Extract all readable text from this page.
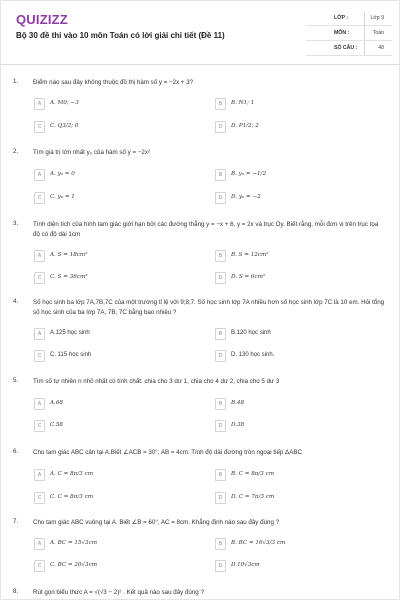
QUIZIZZ
Bộ 30 đề thi vào 10 môn Toán có lời giải chi tiết (Đề 11)
LỚP :	Lớp 9
MÔN :	Toán
SỐ CÂU :	48
1. Điểm nào sau đây không thuộc đồ thị hàm số y = −2x + 3?
A	A. M0; −3	B	B. N1; 1
C	C. Q3/2; 0	D	D. P1/2; 2
2. Tìm giá trị lớn nhất y₀ của hàm số y = −2x²
A	A. y₀ = 0	B	B. y₀ = −1/2
C	C. y₀ = 1	D	D. y₀ = −2
3. Tính diện tích của hình tam giác giới hạn bởi các đường thẳng y = −x + 6, y = 2x và trục Oy. Biết rằng, mỗi đơn vị trên trục tọa độ có độ dài 1cm
A	A. S = 18cm²	B	B. S = 12cm²
C	C. S = 36cm²	D	D. S = 6cm²
4. Số học sinh ba lớp 7A,7B,7C của một trường tỉ lệ với 9;8;7. Số học sinh lớp 7A nhiều hơn số học sinh lớp 7C là 10 em. Hỏi tổng số học sinh của ba lớp 7A, 7B, 7C bằng bao nhiêu ?
A	A.125 học sinh	B	B.120 học sinh
C	C. 115 học sinh	D	D. 130 học sinh.
5. Tìm số tự nhiên n nhỏ nhất có tính chất: chia cho 3 dư 1, chia cho 4 dư 2, chia cho 5 dư 3
A	A.68	B	B.48
C	C.58	D	D.38
6. Cho tam giác ABC cân tại A.Biết ∠ACB = 30°, AB = 4cm. Tính độ dài đường tròn ngoại tiếp ΔABC
A	A. C = 8π/3 cm	B	B. C = 8π/3 cm
C	C. C = 8π/3 cm	D	D. C = 7π/3 cm
7. Cho tam giác ABC vuông tại A. Biết ∠B = 60°, AC = 8cm. Khẳng định nào sau đây đúng ?
A	A. BC = 15√3cm	B	B. BC = 16√3/3 cm
C	C. BC = 20√3cm	D	D.10√3cm
8. Rút gọn biểu thức A = √(√3 − 2)² . Kết quả nào sau đây đúng ?
